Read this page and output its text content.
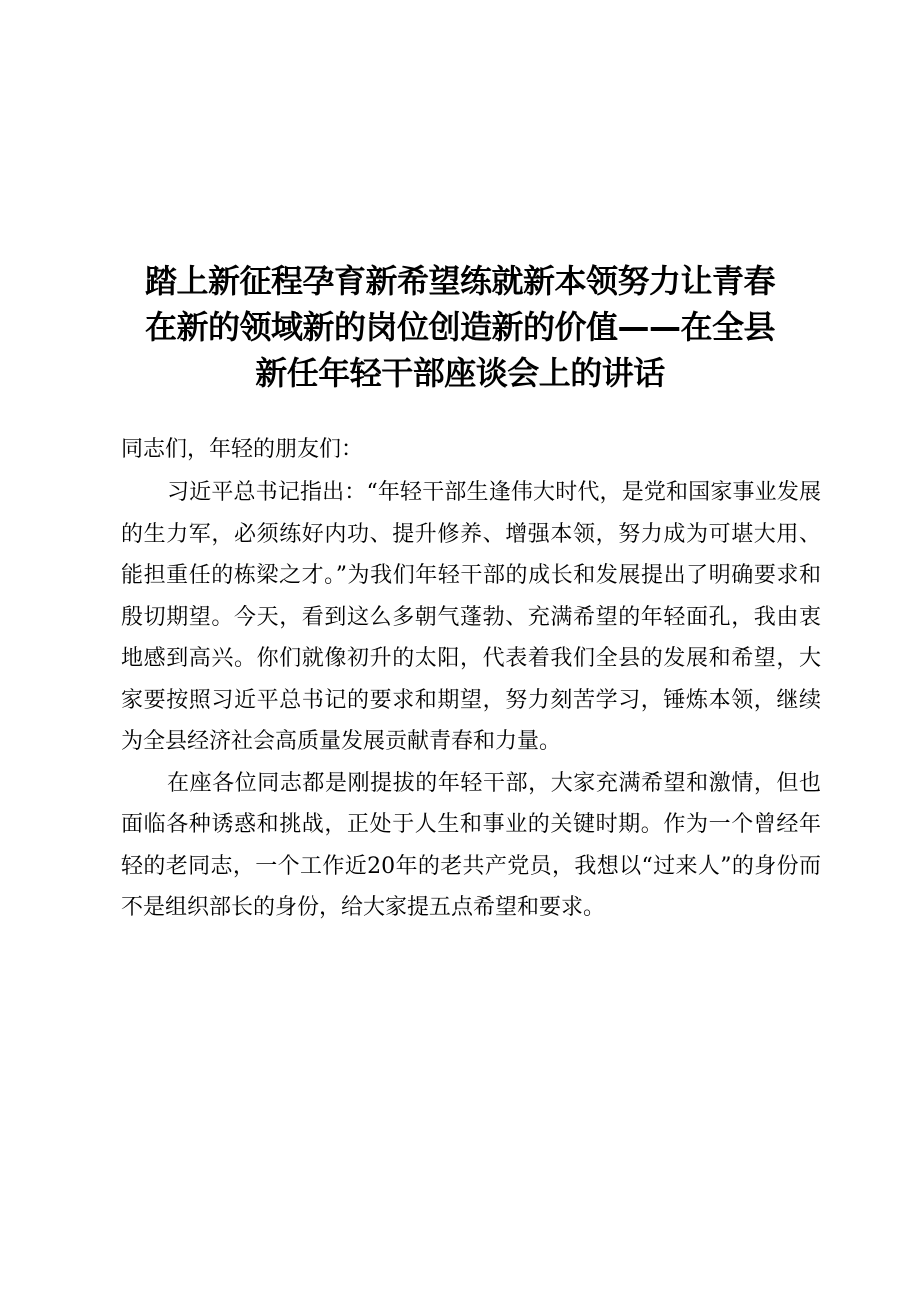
踏上新征程孕育新希望练就新本领努力让青春
在新的领域新的岗位创造新的价值——在全县
新任年轻干部座谈会上的讲话
同志们，年轻的朋友们：

习近平总书记指出：“年轻干部生逢伟大时代，是党和国家事业发展的生力军，必须练好内功、提升修养、增强本领，努力成为可堪大用、能担重任的栋梁之才。”为我们年轻干部的成长和发展提出了明确要求和殷切期望。今天，看到这么多朝气蓬勃、充满希望的年轻面孔，我由衷地感到高兴。你们就像初升的太阳，代表着我们全县的发展和希望，大家要按照习近平总书记的要求和期望，努力刻苦学习，锤炼本领，继续为全县经济社会高质量发展贡献青春和力量。

在座各位同志都是刚提拔的年轻干部，大家充满希望和激情，但也面临各种诱惑和挑战，正处于人生和事业的关键时期。作为一个曾经年轻的老同志，一个工作近20年的老共产党员，我想以“过来人”的身份而不是组织部长的身份，给大家提五点希望和要求。
